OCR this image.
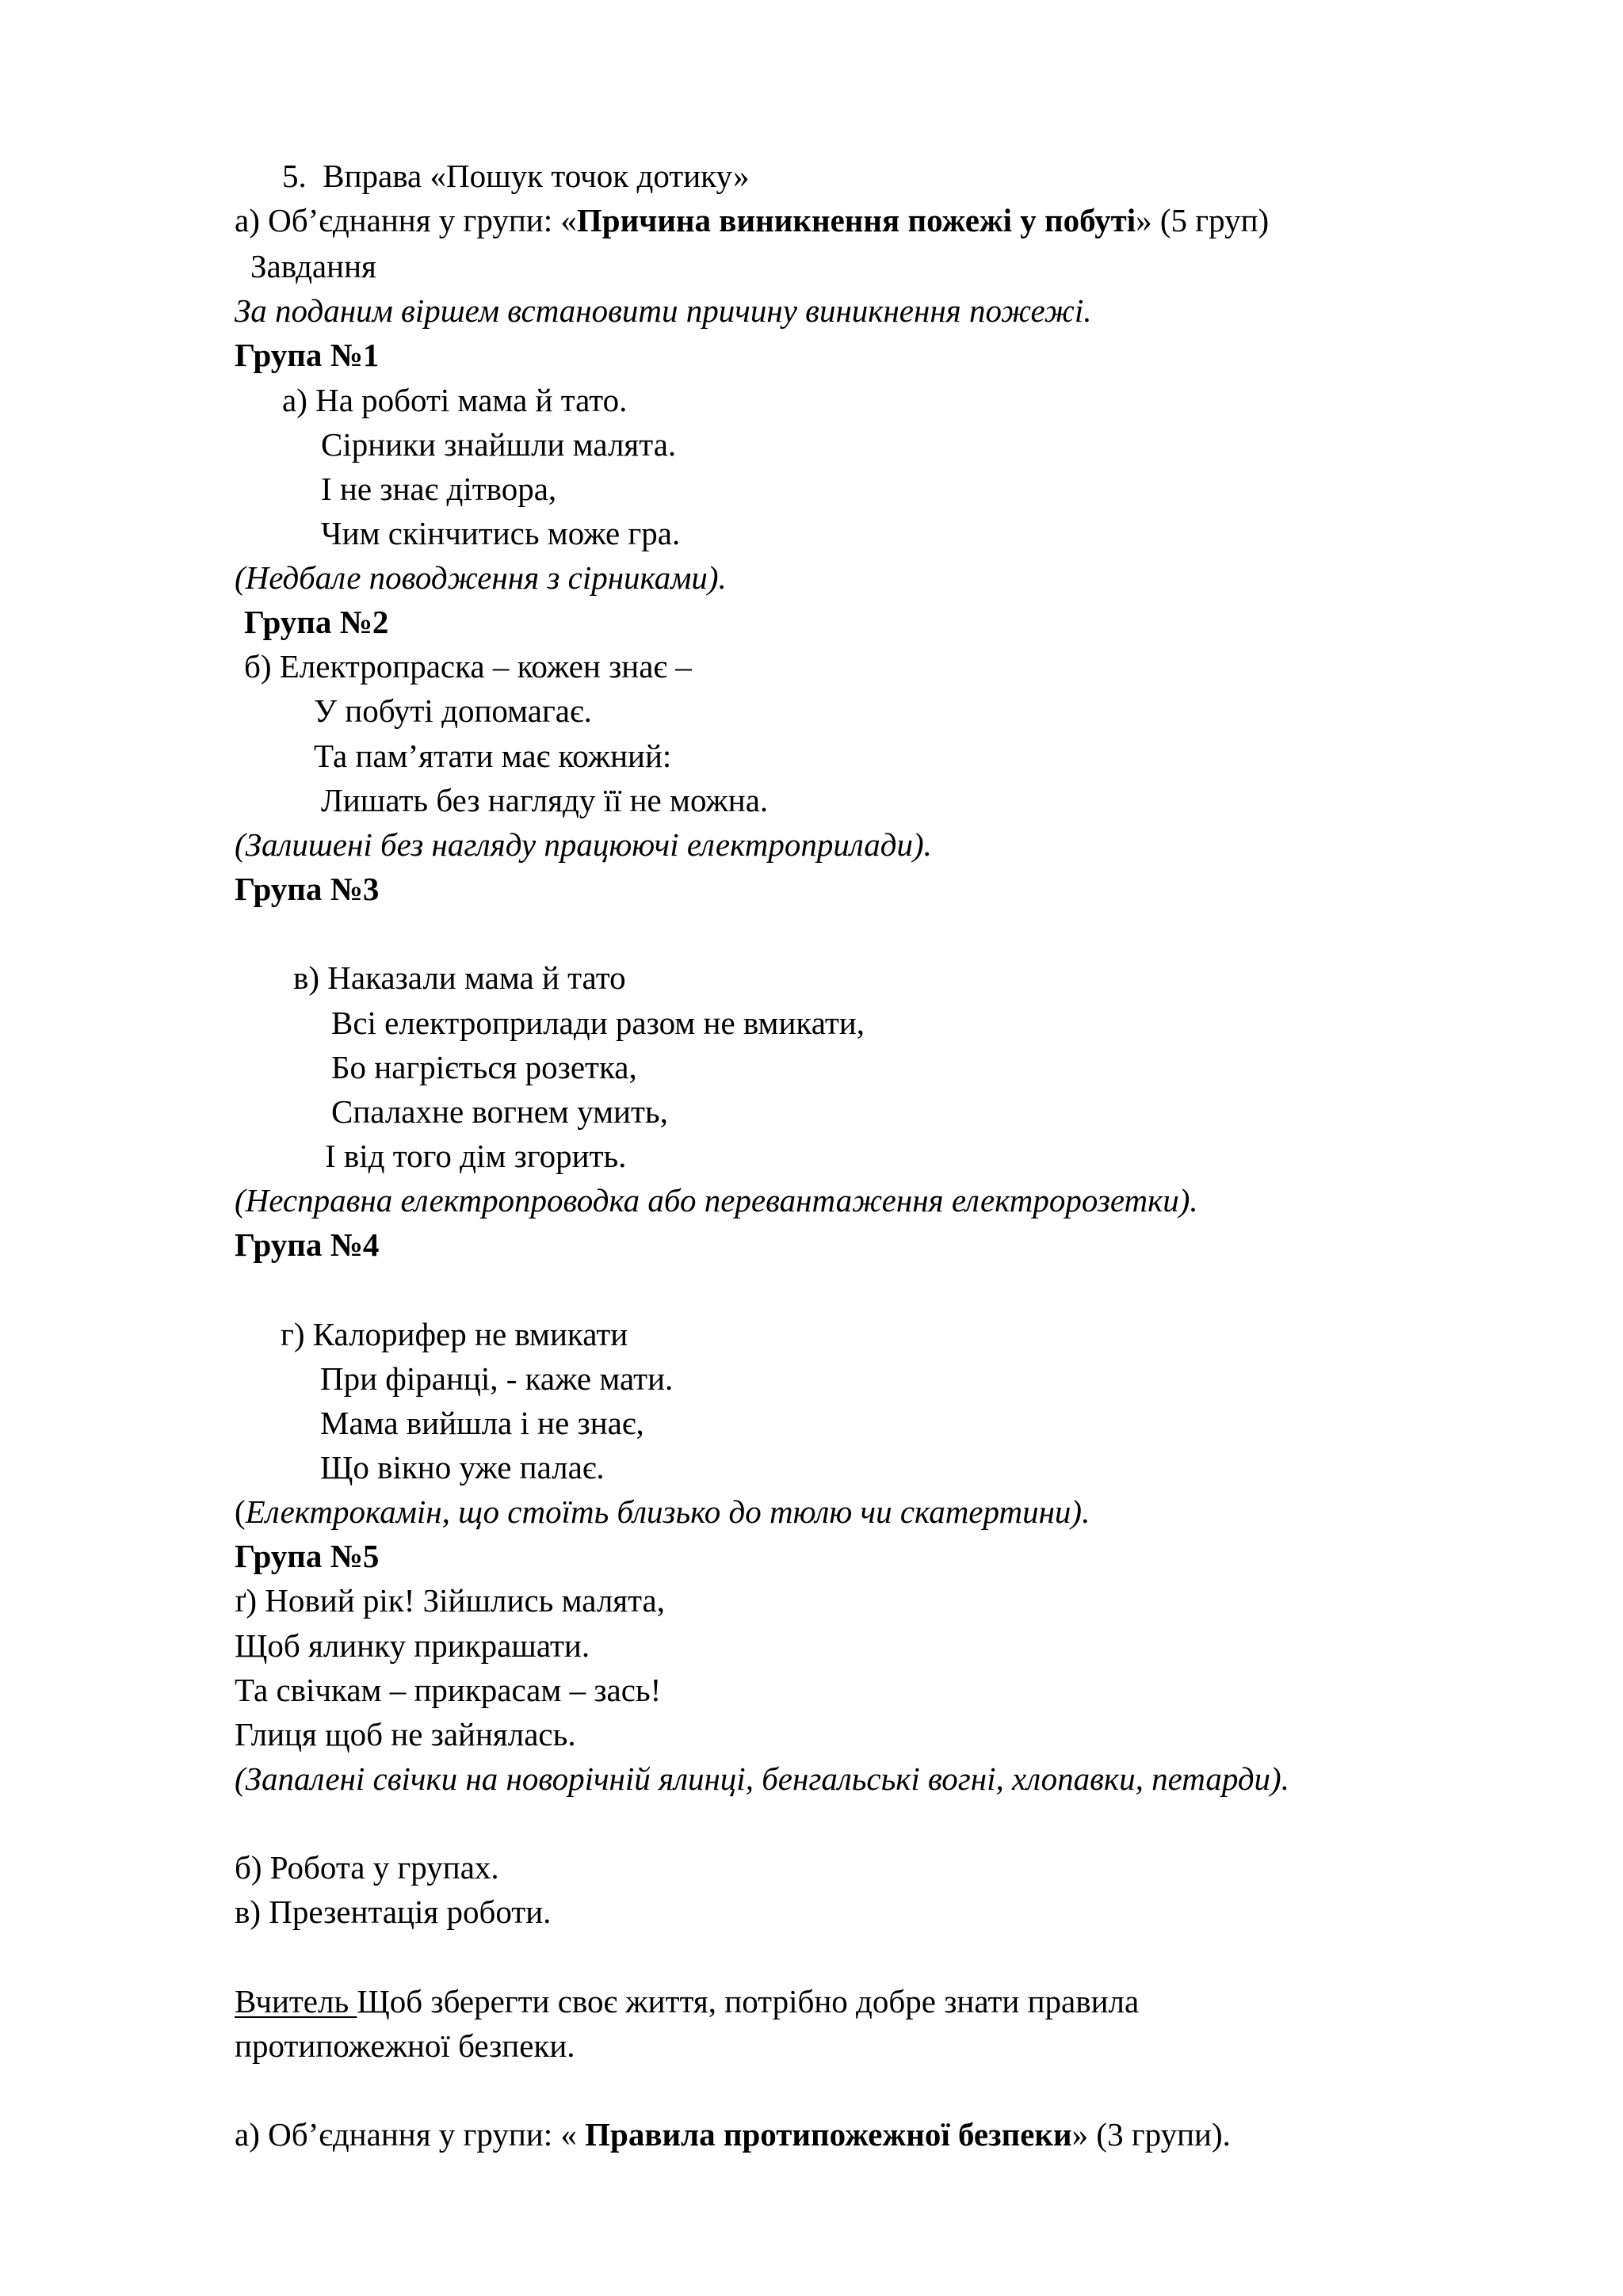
5. Вправа «Пошук точок дотику»
а) Об’єднання у групи: «Причина виникнення пожежі у побуті» (5 груп)
Завдання
За поданим віршем встановити причину виникнення пожежі.
Група №1
а) На роботі мама й тато.
Сірники знайшли малята.
І не знає дітвора,
Чим скінчитись може гра.
(Недбале поводження з сірниками).
Група №2
б) Електропраска – кожен знає –
У побуті допомагає.
Та пам’ятати має кожний:
Лишать без нагляду її не можна.
(Залишені без нагляду працюючі електроприлади).
Група №3
в) Наказали мама й тато
Всі електроприлади разом не вмикати,
Бо нагріється розетка,
Спалахне вогнем умить,
І від того дім згорить.
(Несправна електропроводка або перевантаження електророзетки).
Група №4
г) Калорифер не вмикати
При фіранці, - каже мати.
Мама вийшла і не знає,
Що вікно уже палає.
(Електрокамін, що стоїть близько до тюлю чи скатертини).
Група №5
ґ) Новий рік! Зійшлись малята,
Щоб ялинку прикрашати.
Та свічкам – прикрасам – зась!
Глиця щоб не зайнялась.
(Запалені свічки на новорічній ялинці, бенгальські вогні, хлопавки, петарди).
б) Робота у групах.
в) Презентація роботи.
Вчитель Щоб зберегти своє життя, потрібно добре знати правила
протипожежної безпеки.
а) Об’єднання у групи: « Правила протипожежної безпеки» (3 групи).
